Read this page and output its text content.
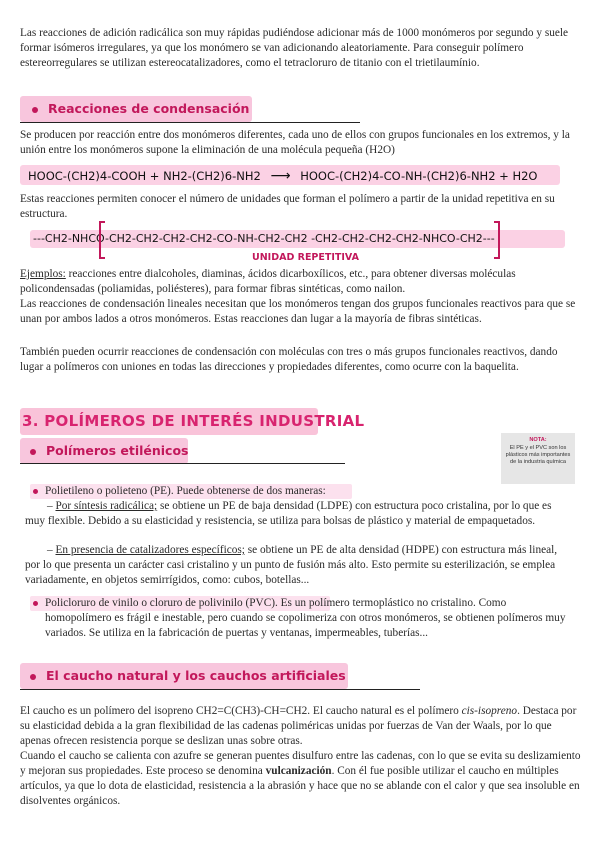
Las reacciones de adición radicálica son muy rápidas pudiéndose adicionar más de 1000 monómeros por segundo y suele formar isómeros irregulares, ya que los monómero se van adicionando aleatoriamente. Para conseguir polímero estereorregulares se utilizan estereocatalizadores, como el tetracloruro de titanio con el trietilaumínio.

Reacciones de condensación

Se producen por reacción entre dos monómeros diferentes, cada uno de ellos con grupos funcionales en los extremos, y la unión entre los monómeros supone la eliminación de una molécula pequeña (H2O)

HOOC-(CH2)4-COOH + NH2-(CH2)6-NH2 ⟶ HOOC-(CH2)4-CO-NH-(CH2)6-NH2 + H2O

Estas reacciones permiten conocer el número de unidades que forman el polímero a partir de la unidad repetitiva en su estructura.

---CH2-NHCO-CH2-CH2-CH2-CH2-CO-NH-CH2-CH2 -CH2-CH2-CH2-CH2-NHCO-CH2---
UNIDAD REPETITIVA

Ejemplos: reacciones entre dialcoholes, diaminas, ácidos dicarboxílicos, etc., para obtener diversas moléculas policondensadas (poliamidas, poliésteres), para formar fibras sintéticas, como nailon.

Las reacciones de condensación lineales necesitan que los monómeros tengan dos grupos funcionales reactivos para que se unan por ambos lados a otros monómeros. Estas reacciones dan lugar a la mayoría de fibras sintéticas.

También pueden ocurrir reacciones de condensación con moléculas con tres o más grupos funcionales reactivos, dando lugar a polímeros con uniones en todas las direcciones y propiedades diferentes, como ocurre con la baquelita.

3. POLÍMEROS DE INTERÉS INDUSTRIAL
Polímeros etilénicos
NOTA:
El PE y el PVC son los plásticos más importantes de la industria química

Polietileno o polieteno (PE). Puede obtenerse de dos maneras:

– Por síntesis radicálica; se obtiene un PE de baja densidad (LDPE) con estructura poco cristalina, por lo que es muy flexible. Debido a su elasticidad y resistencia, se utiliza para bolsas de plástico y material de empaquetados.

– En presencia de catalizadores específicos; se obtiene un PE de alta densidad (HDPE) con estructura más lineal, por lo que presenta un carácter casi cristalino y un punto de fusión más alto. Esto permite su esterilización, se emplea variadamente, en objetos semirrígidos, como: cubos, botellas...

Policloruro de vinilo o cloruro de polivinilo (PVC). Es un polímero termoplástico no cristalino. Como homopolímero es frágil e inestable, pero cuando se copolimeriza con otros monómeros, se obtienen polímeros muy variados. Se utiliza en la fabricación de puertas y ventanas, impermeables, tuberías...

El caucho natural y los cauchos artificiales

El caucho es un polímero del isopreno CH2=C(CH3)-CH=CH2. El caucho natural es el polímero cis-isopreno. Destaca por su elasticidad debida a la gran flexibilidad de las cadenas poliméricas unidas por fuerzas de Van der Waals, por lo que apenas ofrecen resistencia porque se deslizan unas sobre otras.

Cuando el caucho se calienta con azufre se generan puentes disulfuro entre las cadenas, con lo que se evita su deslizamiento y mejoran sus propiedades. Este proceso se denomina vulcanización. Con él fue posible utilizar el caucho en múltiples artículos, ya que lo dota de elasticidad, resistencia a la abrasión y hace que no se ablande con el calor y que sea insoluble en disolventes orgánicos.
